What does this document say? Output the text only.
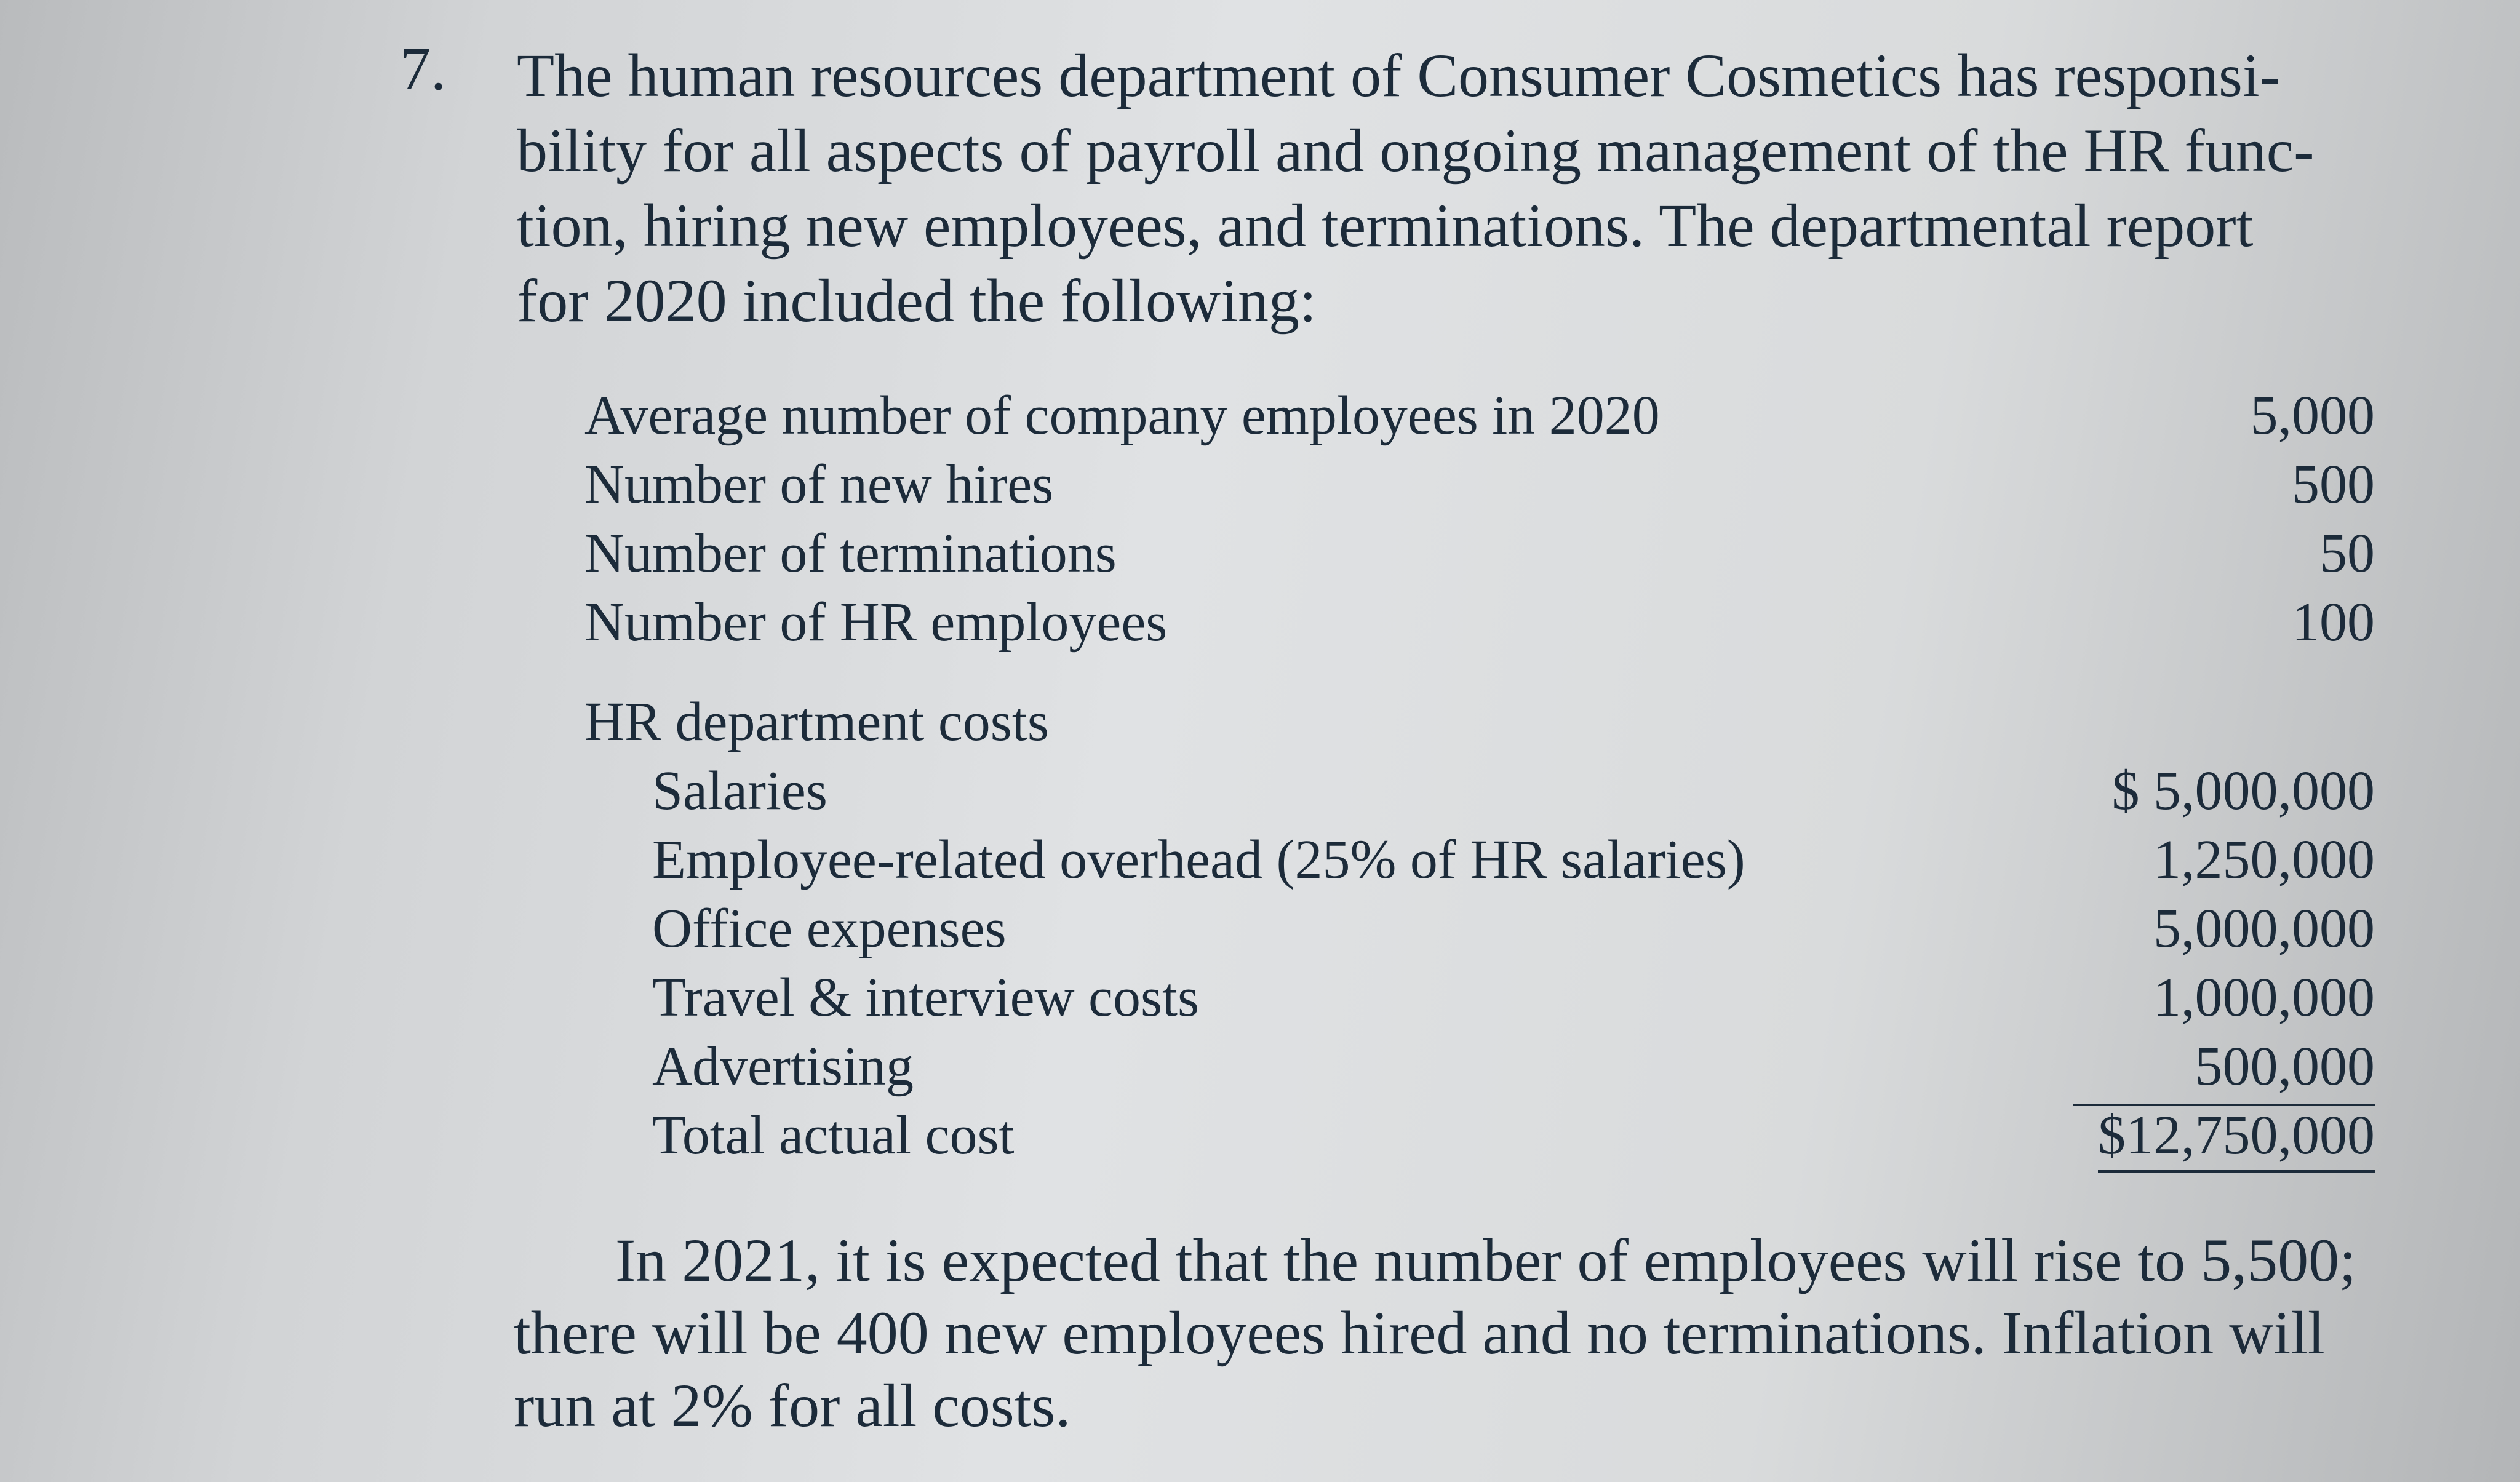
7. The human resources department of Consumer Cosmetics has responsi-
bility for all aspects of payroll and ongoing management of the HR func-
tion, hiring new employees, and terminations. The departmental report
for 2020 included the following:

Average number of company employees in 2020	5,000
Number of new hires	500
Number of terminations	50
Number of HR employees	100
HR department costs
Salaries	$ 5,000,000
Employee-related overhead (25% of HR salaries)	1,250,000
Office expenses	5,000,000
Travel & interview costs	1,000,000
Advertising	500,000
Total actual cost	$12,750,000

In 2021, it is expected that the number of employees will rise to 5,500;
there will be 400 new employees hired and no terminations. Inflation will
run at 2% for all costs.
